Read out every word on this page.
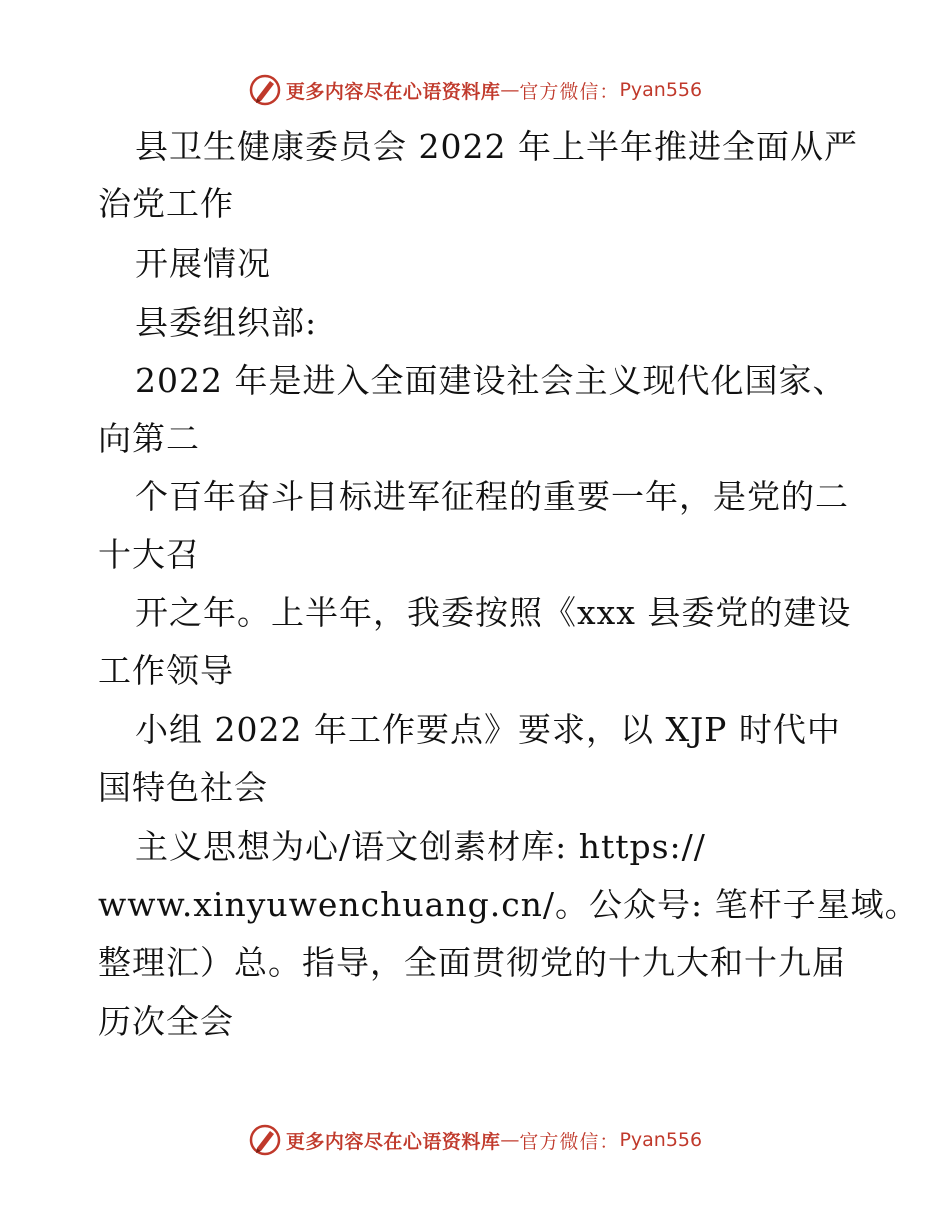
更多内容尽在心语资料库 — 官方微信： Pyan556
县卫生健康委员会 2022 年上半年推进全面从严
治党工作
开展情况
县委组织部:
2022 年是进入全面建设社会主义现代化国家、
向第二
个百年奋斗目标进军征程的重要一年，是党的二
十大召
开之年。上半年，我委按照《xxx 县委党的建设
工作领导
小组 2022 年工作要点》要求，以 XJP 时代中
国特色社会
主义思想为心/语文创素材库: https://
www.xinyuwenchuang.cn/。公众号: 笔杆子星域。
整理汇）总。指导，全面贯彻党的十九大和十九届
历次全会
更多内容尽在心语资料库 — 官方微信： Pyan556
